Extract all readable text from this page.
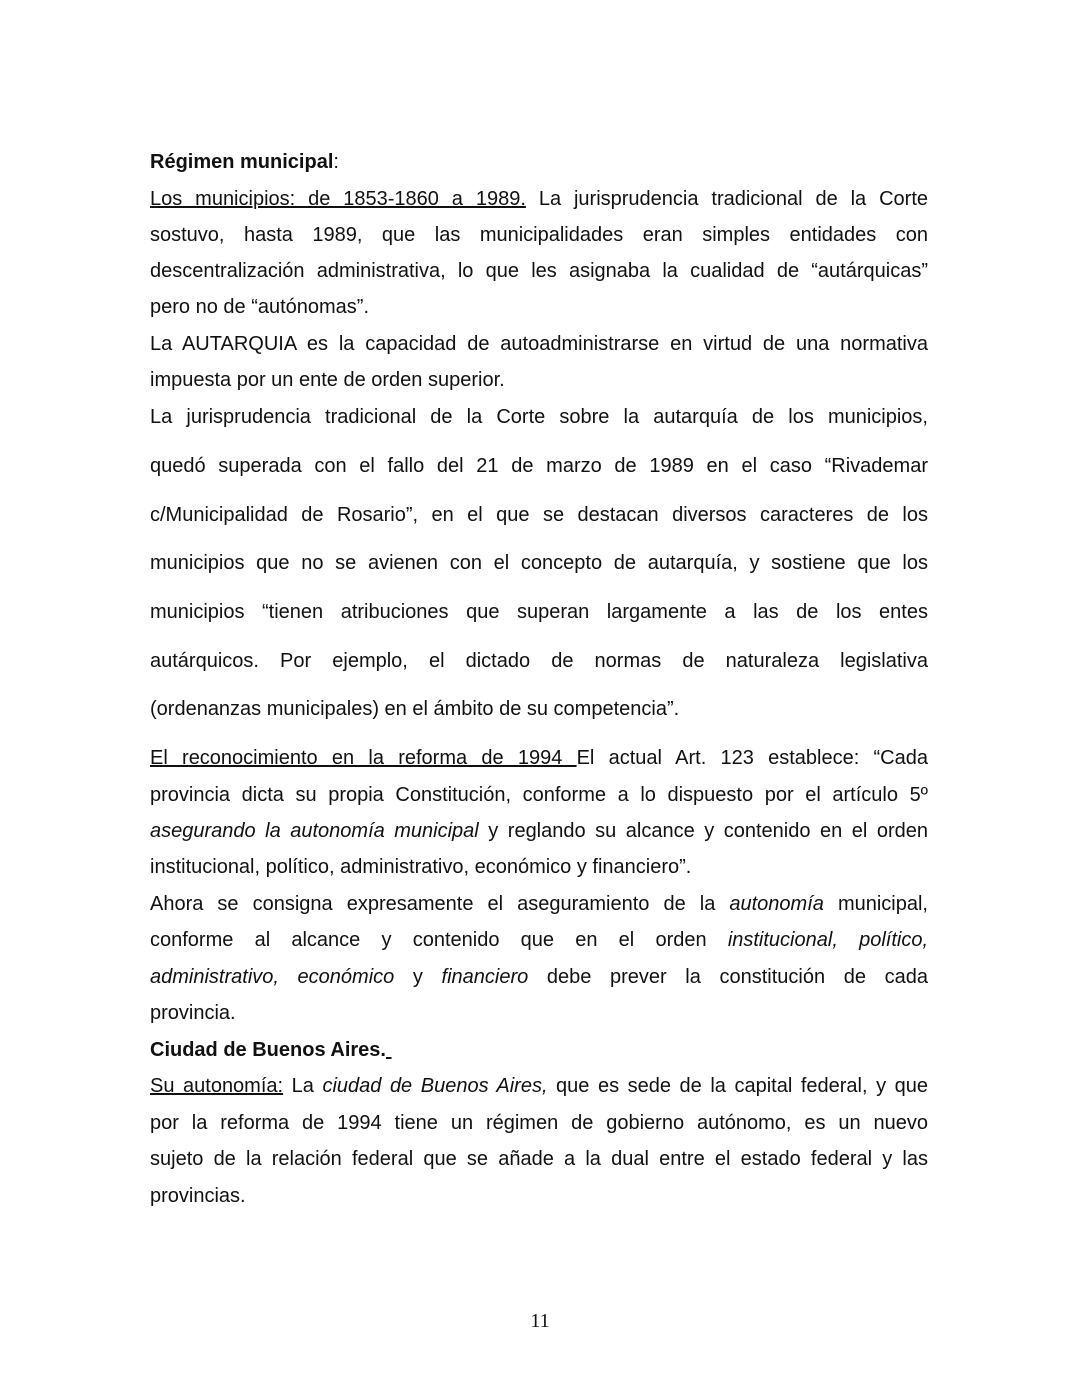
Régimen municipal:
Los municipios: de 1853-1860 a 1989. La jurisprudencia tradicional de la Corte
sostuvo, hasta 1989, que las municipalidades eran simples entidades con
descentralización administrativa, lo que les asignaba la cualidad de “autárquicas”
pero no de “autónomas”.
La AUTARQUIA es la capacidad de autoadministrarse en virtud de una normativa
impuesta por un ente de orden superior.
La jurisprudencia tradicional de la Corte sobre la autarquía de los municipios,
quedó superada con el fallo del 21 de marzo de 1989 en el caso “Rivademar
c/Municipalidad de Rosario”, en el que se destacan diversos caracteres de los
municipios que no se avienen con el concepto de autarquía, y sostiene que los
municipios “tienen atribuciones que superan largamente a las de los entes
autárquicos. Por ejemplo, el dictado de normas de naturaleza legislativa
(ordenanzas municipales) en el ámbito de su competencia”.
El reconocimiento en la reforma de 1994 El actual Art. 123 establece: “Cada
provincia dicta su propia Constitución, conforme a lo dispuesto por el artículo 5º
asegurando la autonomía municipal y reglando su alcance y contenido en el orden
institucional, político, administrativo, económico y financiero”.
Ahora se consigna expresamente el aseguramiento de la autonomía municipal,
conforme al alcance y contenido que en el orden institucional, político,
administrativo, económico y financiero debe prever la constitución de cada
provincia.
Ciudad de Buenos Aires.
Su autonomía: La ciudad de Buenos Aires, que es sede de la capital federal, y que
por la reforma de 1994 tiene un régimen de gobierno autónomo, es un nuevo
sujeto de la relación federal que se añade a la dual entre el estado federal y las
provincias.
11
